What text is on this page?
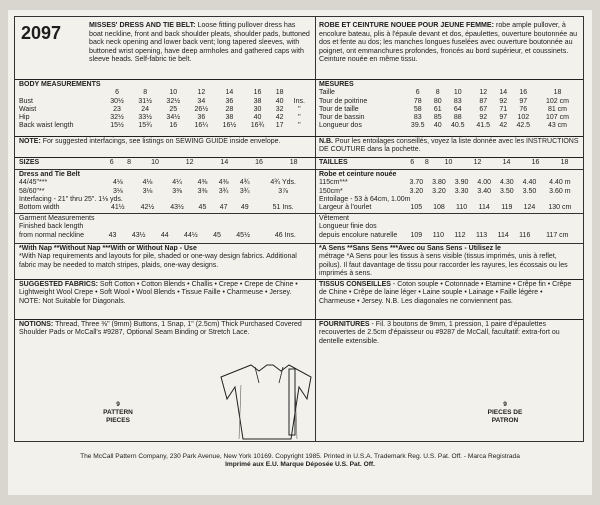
2097	MISSES' DRESS AND TIE BELT: Loose fitting pullover dress has boat neckline, front and back shoulder pleats, shoulder pads, buttoned back neck opening and lower back vent; long tapered sleeves, with buttoned wrist opening, have deep armholes and gathered caps with sleeve heads. Self-fabric tie belt.
BODY MEASUREMENTS
	6	8	10	12	14	16	18	
Bust	30½	31½	32½	34	36	38	40	Ins.
Waist	23	24	25	26½	28	30	32	"
Hip	32½	33½	34½	36	38	40	42	"
Back waist length	15½	15¾	16	16¼	16½	16¾	17	"
NOTE: For suggested interfacings, see listings on SEWING GUIDE inside envelope.
SIZES	6	8	10	12	14	16	18
Dress and Tie Belt
44/45"***	4⅛	4⅛	4¼	4⅜	4⅜	4¾	4¾ Yds.
58/60"**	3⅛	3⅛	3⅜	3⅜	3¾	3¾	3⅞
Interfacing - 21" thru 25". 1⅛ yds.							
Bottom width	41½	42½	43½	45	47	49	51 Ins.
Garment Measurements
Finished back length
from normal neckline	43	43½	44	44½	45	45½	46 Ins.
*With Nap **Without Nap ***With or Without Nap - Use
*With Nap requirements and layouts for pile, shaded or one-way design fabrics. Additional fabric may be needed to match stripes, plaids, one-way designs.
SUGGESTED FABRICS: Soft Cotton • Cotton Blends • Challis • Crepe • Crepe de Chine • Lightweight Wool Crepe • Soft Wool • Wool Blends • Tissue Faille • Charmeuse • Jersey. NOTE: Not Suitable for Diagonals.
NOTIONS: Thread, Three ⅜" (9mm) Buttons, 1 Snap, 1" (2.5cm) Thick Purchased Covered Shoulder Pads or McCall's #9287, Optional Seam Binding or Stretch Lace.
9
PATTERN PIECES
ROBE ET CEINTURE NOUEE POUR JEUNE FEMME: robe ample pullover, à encolure bateau, plis à l'épaule devant et dos, épaulettes, ouverture boutonnée au dos et fente au dos; les manches longues fuselées avec ouverture boutonnée au poignet, ont emmanchures profondes, froncés au bord supérieur, et coussinets. Ceinture nouée en même tissu.
MESURES
Taille	6	8	10	12	14	16	18	
Tour de poitrine	78	80	83	87	92	97	102 cm	
Tour de taille	58	61	64	67	71	76	81 cm	
Tour de bassin	83	85	88	92	97	102	107 cm	
Longueur dos	39.5	40	40.5	41.5	42	42.5	43 cm	
N.B. Pour les entoilages conseillés, voyez la liste donnée avec les INSTRUCTIONS DE COUTURE dans la pochette.
TAILLES	6	8	10	12	14	16	18
Robe et ceinture nouée
115cm***	3.70	3.80	3.90	4.00	4.30	4.40	4.40 m
150cm*	3.20	3.20	3.30	3.40	3.50	3.50	3.60 m
Entoilage - 53 à 64cm, 1.00m							
Largeur à l'ourlet	105	108	110	114	119	124	130 cm
Vêtement
Longueur finie dos
depuis encolure naturelle	109	110	112	113	114	116	117 cm
*A Sens **Sans Sens ***Avec ou Sans Sens - Utilisez le
métrage *A Sens pour les tissus à sens visible (tissus imprimés, unis à reflet, poilus). Il faut davantage de tissu pour raccorder les rayures, les écossais ou les imprimés à sens.
TISSUS CONSEILLES - Coton souple • Cotonnade • Etamine • Crêpe fin • Crêpe de Chine • Crêpe de laine léger • Laine souple • Lainage • Faille légère • Charmeuse • Jersey. N.B. Les diagonales ne conviennent pas.
FOURNITURES - Fil. 3 boutons de 9mm, 1 pression, 1 paire d'épaulettes recouvertes de 2.5cm d'épaisseur ou #9287 de McCall, facultatif: extra-fort ou dentelle extensible.
9
PIECES DE PATRON
The McCall Pattern Company, 230 Park Avenue, New York 10169. Copyright 1985. Printed in U.S.A. Trademark Reg. U.S. Pat. Off. - Marca Registrada
Imprimé aux E.U. Marque Déposée U.S. Pat. Off.
